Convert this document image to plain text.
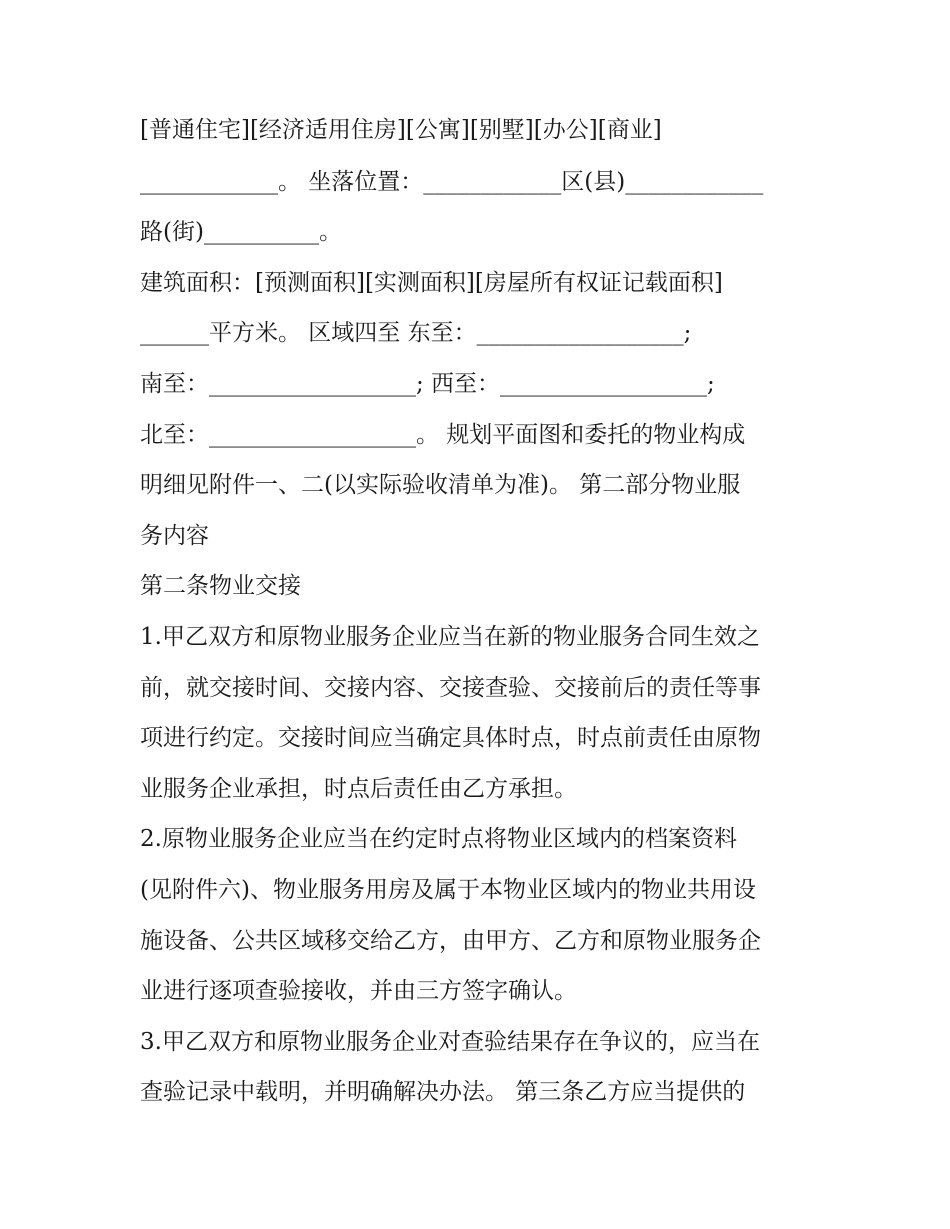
[普通住宅][经济适用住房][公寓][别墅][办公][商业]
____________。 坐落位置：____________区(县)____________
路(街)__________。
建筑面积：[预测面积][实测面积][房屋所有权证记载面积]
______平方米。 区域四至 东至：__________________;
南至：__________________; 西至：__________________;
北至：__________________。 规划平面图和委托的物业构成
明细见附件一、二(以实际验收清单为准)。 第二部分物业服
务内容
第二条物业交接
1.甲乙双方和原物业服务企业应当在新的物业服务合同生效之
前，就交接时间、交接内容、交接查验、交接前后的责任等事
项进行约定。交接时间应当确定具体时点，时点前责任由原物
业服务企业承担，时点后责任由乙方承担。
2.原物业服务企业应当在约定时点将物业区域内的档案资料
(见附件六)、物业服务用房及属于本物业区域内的物业共用设
施设备、公共区域移交给乙方，由甲方、乙方和原物业服务企
业进行逐项查验接收，并由三方签字确认。
3.甲乙双方和原物业服务企业对查验结果存在争议的，应当在
查验记录中载明，并明确解决办法。 第三条乙方应当提供的
